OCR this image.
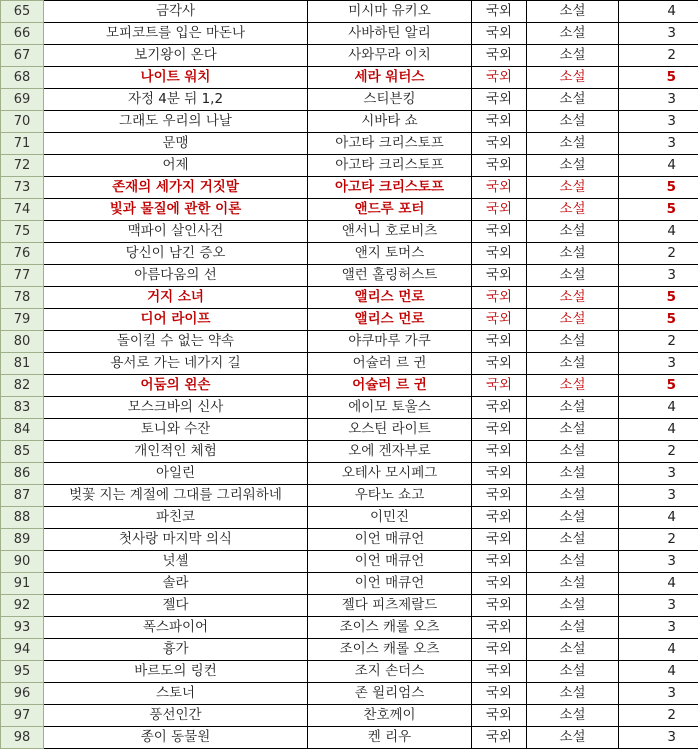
65	금각사	미시마 유키오	국외	소설	4
66	모피코트를 입은 마돈나	사바하틴 알리	국외	소설	3
67	보기왕이 온다	사와무라 이치	국외	소설	2
68	나이트 워치	세라 워터스	국외	소설	5
69	자정 4분 뒤 1,2	스티븐킹	국외	소설	3
70	그래도 우리의 나날	시바타 쇼	국외	소설	3
71	문맹	아고타 크리스토프	국외	소설	3
72	어제	아고타 크리스토프	국외	소설	4
73	존재의 세가지 거짓말	아고타 크리스토프	국외	소설	5
74	빛과 물질에 관한 이론	앤드루 포터	국외	소설	5
75	맥파이 살인사건	앤서니 호로비츠	국외	소설	4
76	당신이 남긴 증오	앤지 토머스	국외	소설	2
77	아름다움의 선	앨런 홀링허스트	국외	소설	3
78	거지 소녀	앨리스 먼로	국외	소설	5
79	디어 라이프	앨리스 먼로	국외	소설	5
80	돌이킬 수 없는 약속	야쿠마루 가쿠	국외	소설	2
81	용서로 가는 네가지 길	어슐러 르 귄	국외	소설	3
82	어둠의 왼손	어슐러 르 귄	국외	소설	5
83	모스크바의 신사	에이모 토울스	국외	소설	4
84	토니와 수잔	오스틴 라이트	국외	소설	4
85	개인적인 체험	오에 겐자부로	국외	소설	2
86	아일린	오테사 모시페그	국외	소설	3
87	벚꽃 지는 계절에 그대를 그리워하네	우타노 쇼고	국외	소설	3
88	파친코	이민진	국외	소설	4
89	첫사랑 마지막 의식	이언 매큐언	국외	소설	2
90	넛셸	이언 매큐언	국외	소설	3
91	솔라	이언 매큐언	국외	소설	4
92	젤다	젤다 피츠제랄드	국외	소설	3
93	폭스파이어	조이스 캐롤 오츠	국외	소설	3
94	흉가	조이스 캐롤 오츠	국외	소설	4
95	바르도의 링컨	조지 손더스	국외	소설	4
96	스토너	존 윌리엄스	국외	소설	3
97	풍선인간	찬호께이	국외	소설	2
98	종이 동물원	켄 리우	국외	소설	3
